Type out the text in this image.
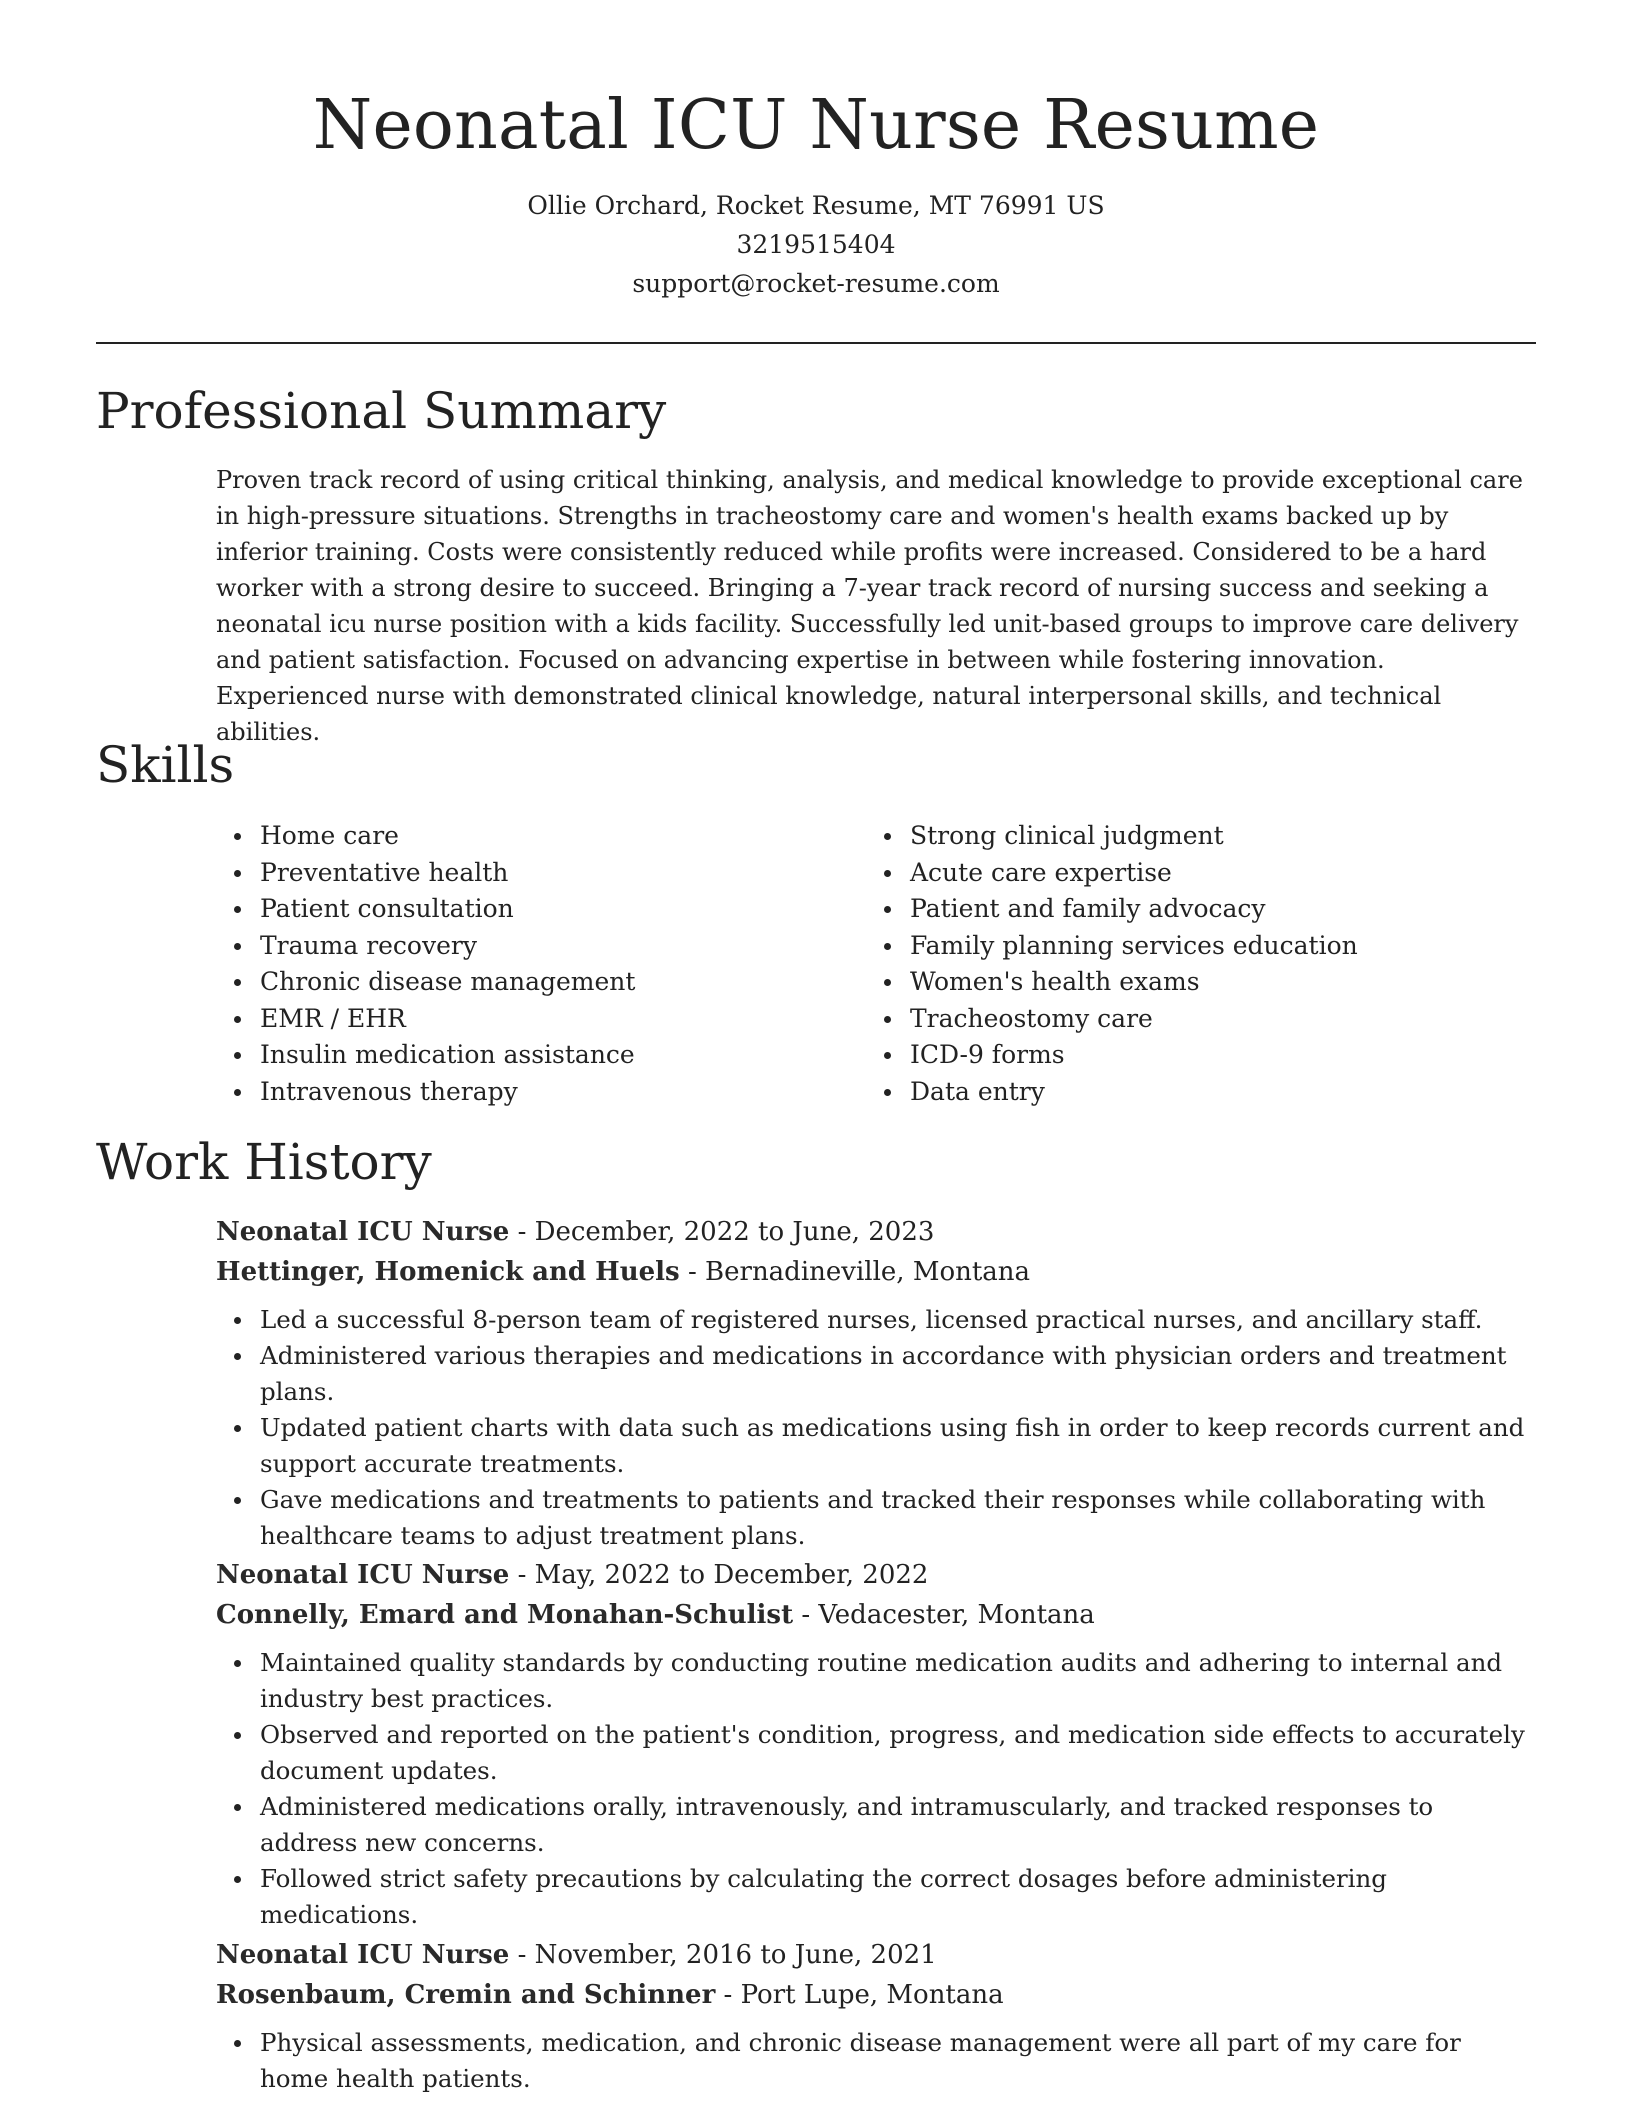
Neonatal ICU Nurse Resume
Ollie Orchard, Rocket Resume, MT 76991 US
3219515404
support@rocket-resume.com
Professional Summary

Proven track record of using critical thinking, analysis, and medical knowledge to provide exceptional care in high-pressure situations. Strengths in tracheostomy care and women's health exams backed up by inferior training. Costs were consistently reduced while profits were increased. Considered to be a hard worker with a strong desire to succeed. Bringing a 7-year track record of nursing success and seeking a neonatal icu nurse position with a kids facility. Successfully led unit-based groups to improve care delivery and patient satisfaction. Focused on advancing expertise in between while fostering innovation. Experienced nurse with demonstrated clinical knowledge, natural interpersonal skills, and technical abilities.

Skills
Home care
Preventative health
Patient consultation
Trauma recovery
Chronic disease management
EMR / EHR
Insulin medication assistance
Intravenous therapy
Strong clinical judgment
Acute care expertise
Patient and family advocacy
Family planning services education
Women's health exams
Tracheostomy care
ICD-9 forms
Data entry
Work History
Neonatal ICU Nurse - December, 2022 to June, 2023
Hettinger, Homenick and Huels - Bernadineville, Montana
Led a successful 8-person team of registered nurses, licensed practical nurses, and ancillary staff.
Administered various therapies and medications in accordance with physician orders and treatment plans.
Updated patient charts with data such as medications using fish in order to keep records current and support accurate treatments.
Gave medications and treatments to patients and tracked their responses while collaborating with healthcare teams to adjust treatment plans.
Neonatal ICU Nurse - May, 2022 to December, 2022
Connelly, Emard and Monahan-Schulist - Vedacester, Montana
Maintained quality standards by conducting routine medication audits and adhering to internal and industry best practices.
Observed and reported on the patient's condition, progress, and medication side effects to accurately document updates.
Administered medications orally, intravenously, and intramuscularly, and tracked responses to address new concerns.
Followed strict safety precautions by calculating the correct dosages before administering medications.
Neonatal ICU Nurse - November, 2016 to June, 2021
Rosenbaum, Cremin and Schinner - Port Lupe, Montana
Physical assessments, medication, and chronic disease management were all part of my care for home health patients.
